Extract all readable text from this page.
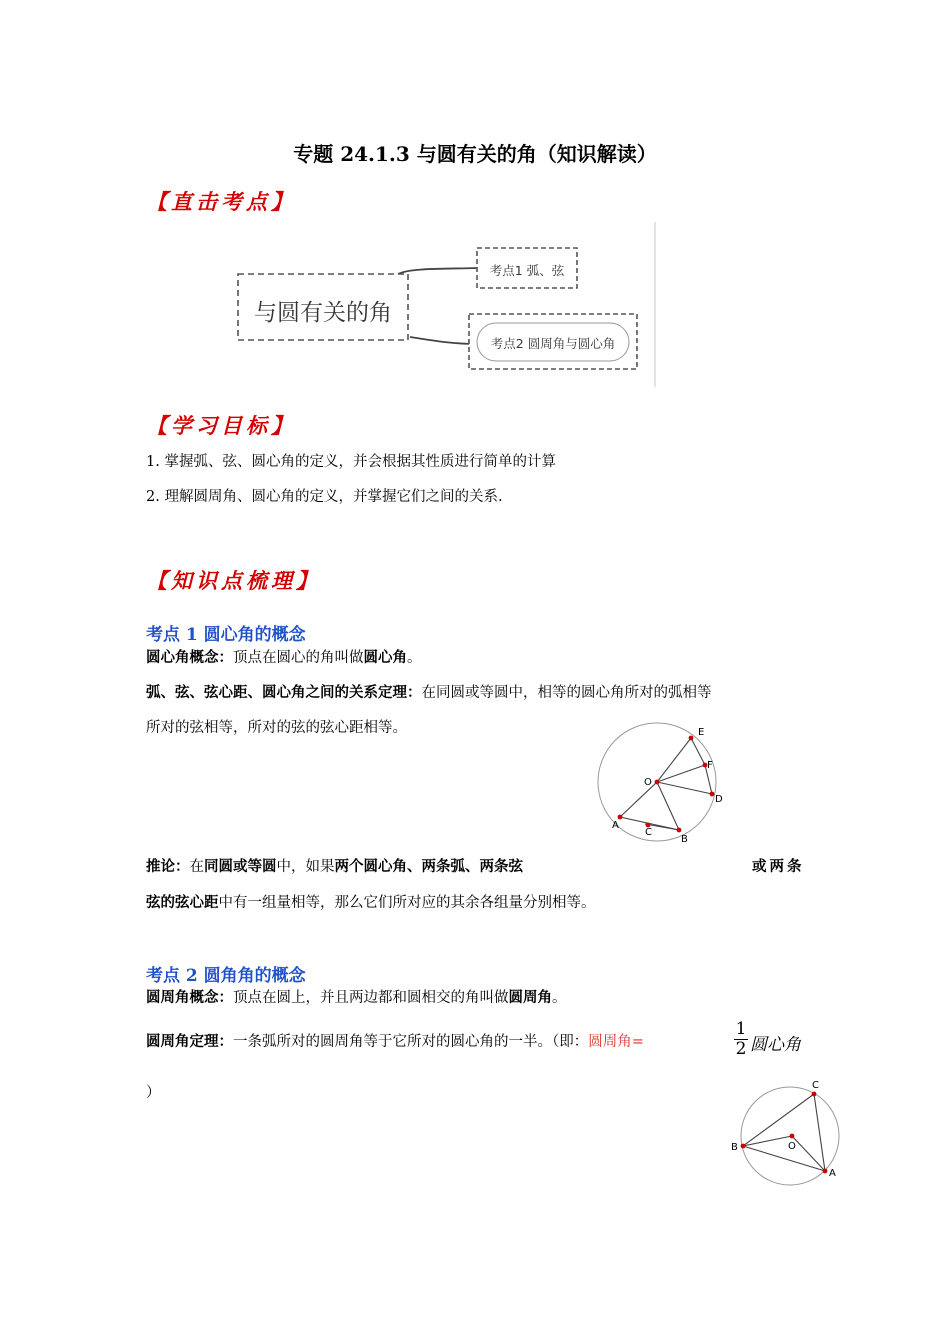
专题 24.1.3 与圆有关的角（知识解读）
【直击考点】
与圆有关的角
考点1 弧、弦
考点2 圆周角与圆心角
【学习目标】
1. 掌握弧、弦、圆心角的定义，并会根据其性质进行简单的计算
2. 理解圆周角、圆心角的定义，并掌握它们之间的关系.
【知识点梳理】
考点 1 圆心角的概念
圆心角概念：顶点在圆心的角叫做圆心角。
弧、弦、弦心距、圆心角之间的关系定理：在同圆或等圆中，相等的圆心角所对的弧相等
所对的弦相等，所对的弦的弦心距相等。
O
A
B
C
D
E
F
推论：在同圆或等圆中，如果两个圆心角、两条弧、两条弦	或两条
弦的弦心距中有一组量相等，那么它们所对应的其余各组量分别相等。
考点 2 圆角角的概念
圆周角概念：顶点在圆上，并且两边都和圆相交的角叫做圆周角。
圆周角定理：一条弧所对的圆周角等于它所对的圆心角的一半。（即：圆周角=
1
2 圆心角
）
O
A
B
C
